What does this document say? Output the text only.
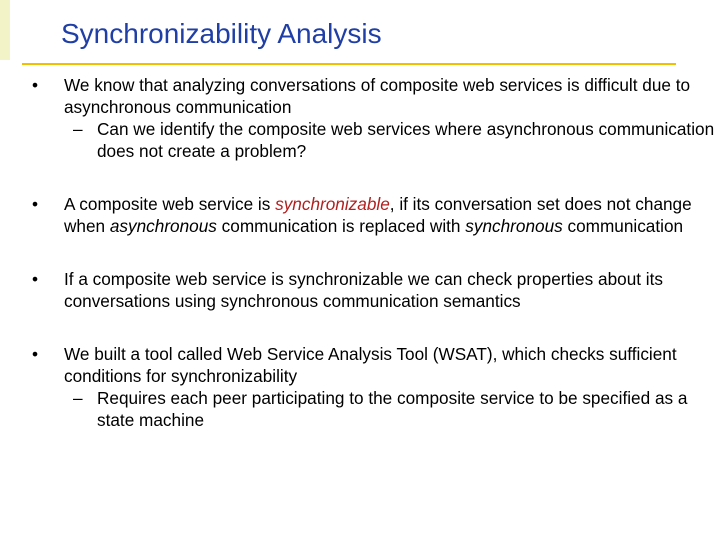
Synchronizability Analysis
• We know that analyzing conversations of composite web services is difficult due to asynchronous communication

– Can we identify the composite web services where asynchronous communication does not create a problem?

• A composite web service is synchronizable, if its conversation set does not change when asynchronous communication is replaced with synchronous communication

• If a composite web service is synchronizable we can check properties about its conversations using synchronous communication semantics

• We built a tool called Web Service Analysis Tool (WSAT), which checks sufficient conditions for synchronizability

– Requires each peer participating to the composite service to be specified as a state machine
